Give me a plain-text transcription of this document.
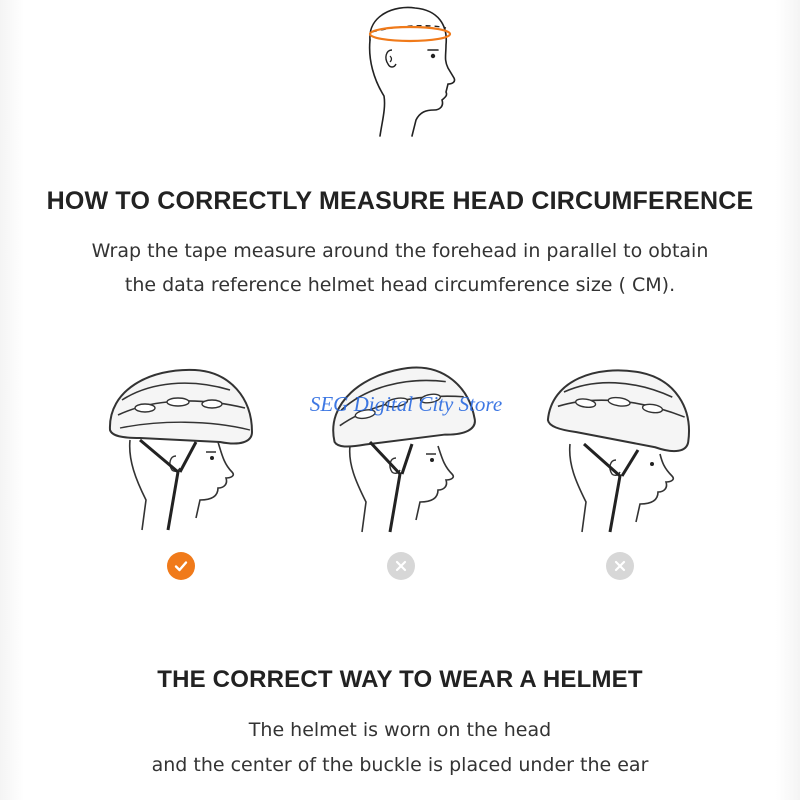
HOW TO CORRECTLY MEASURE HEAD CIRCUMFERENCE

Wrap the tape measure around the forehead in parallel to obtain

the data reference helmet head circumference size ( CM).

SEG Digital City Store
THE CORRECT WAY TO WEAR A HELMET

The helmet is worn on the head

and the center of the buckle is placed under the ear
